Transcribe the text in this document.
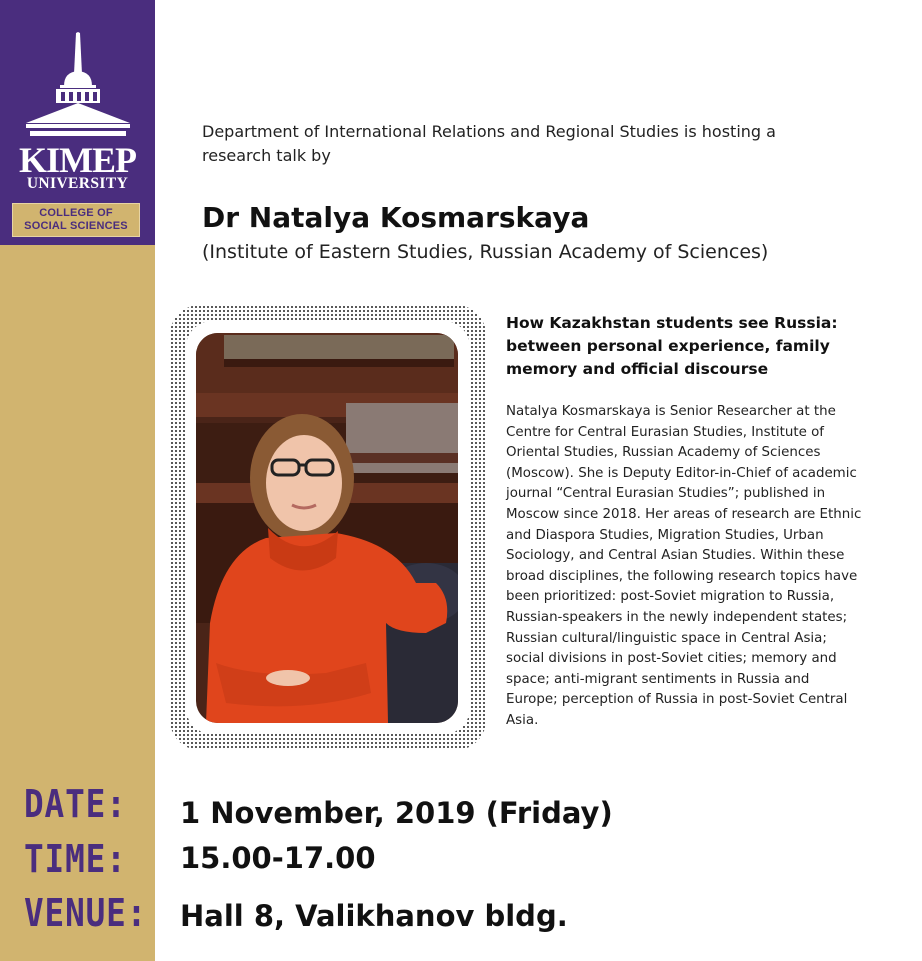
KIMEP
UNIVERSITY
COLLEGE OF
SOCIAL SCIENCES
Department of International Relations and Regional Studies is hosting a research talk by
Dr Natalya Kosmarskaya
(Institute of Eastern Studies, Russian Academy of Sciences)
How Kazakhstan students see Russia: between personal experience, family memory and official discourse
Natalya Kosmarskaya is Senior Researcher at the Centre for Central Eurasian Studies, Institute of Oriental Studies, Russian Academy of Sciences (Moscow). She is Deputy Editor-in-Chief of academic journal “Central Eurasian Studies”; published in Moscow since 2018. Her areas of research are Ethnic and Diaspora Studies, Migration Studies, Urban Sociology, and Central Asian Studies. Within these broad disciplines, the following research topics have been prioritized: post-Soviet migration to Russia, Russian-speakers in the newly independent states; Russian cultural/linguistic space in Central Asia; social divisions in post-Soviet cities; memory and space; anti-migrant sentiments in Russia and Europe; perception of Russia in post-Soviet Central Asia.
DATE:	1 November, 2019 (Friday)
TIME:	15.00-17.00
VENUE: Hall 8, Valikhanov bldg.
